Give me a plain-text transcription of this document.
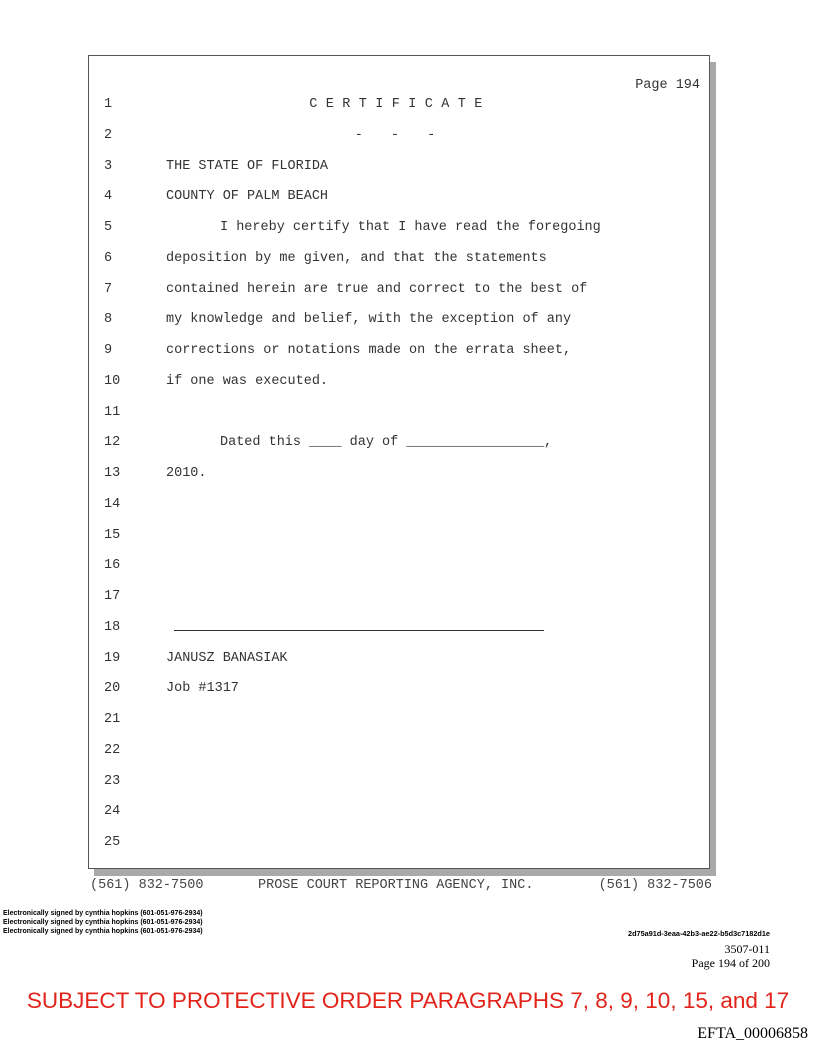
Page 194
1	CERTIFICATE
2	- - -
3	THE STATE OF FLORIDA
4	COUNTY OF PALM BEACH
5	I hereby certify that I have read the foregoing
6	deposition by me given, and that the statements
7	contained herein are true and correct to the best of
8	my knowledge and belief, with the exception of any
9	corrections or notations made on the errata sheet,
10	if one was executed.
11
12	Dated this ____ day of _________________,
13	2010.
14
15
16
17
18
19	JANUSZ BANASIAK
20	Job #1317
21
22
23
24
25
(561) 832-7500	PROSE COURT REPORTING AGENCY, INC.	(561) 832-7506
Electronically signed by cynthia hopkins (601-051-976-2934)
Electronically signed by cynthia hopkins (601-051-976-2934)
Electronically signed by cynthia hopkins (601-051-976-2934)	2d75a91d-3eaa-42b3-ae22-b5d3c7182d1e
3507-011
Page 194 of 200
SUBJECT TO PROTECTIVE ORDER PARAGRAPHS 7, 8, 9, 10, 15, and 17
EFTA_00006858
